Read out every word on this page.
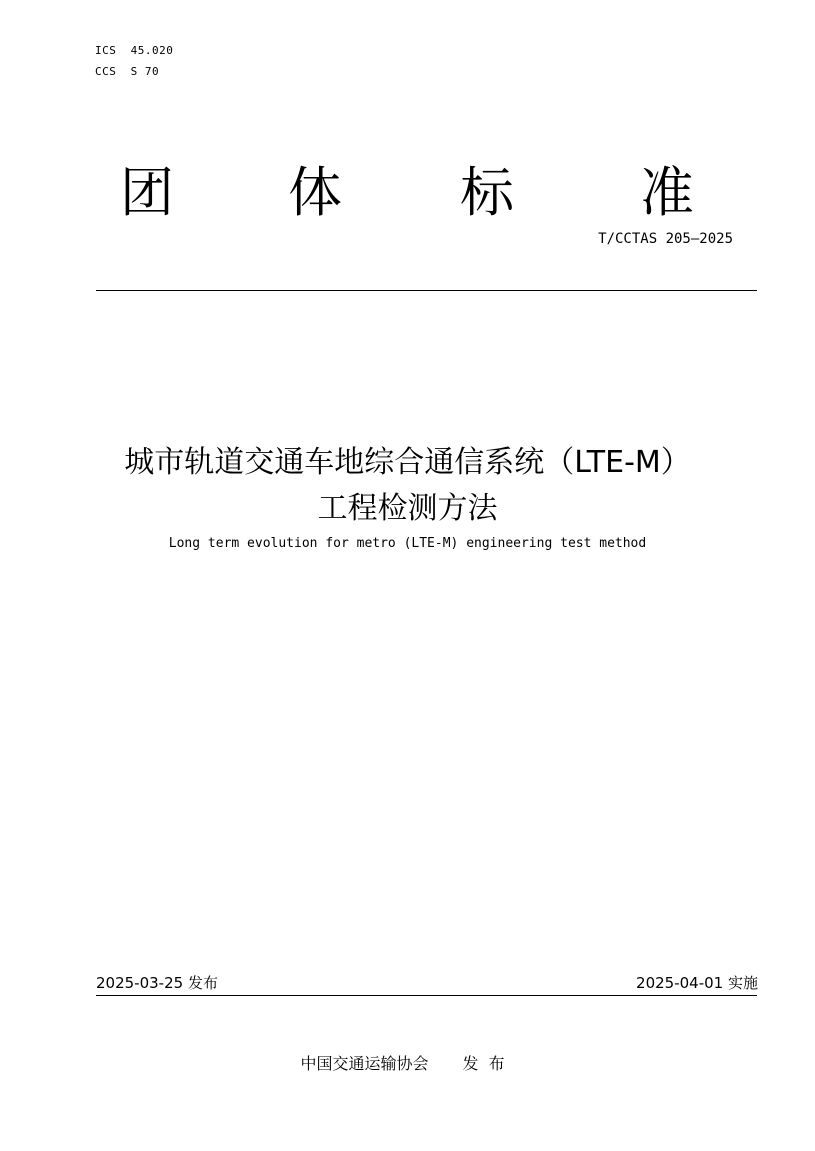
ICS  45.020
CCS  S 70
团 体 标 准
T/CCTAS 205—2025
城市轨道交通车地综合通信系统（LTE-M）
工程检测方法
Long term evolution for metro (LTE-M) engineering test method
2025-03-25 发布	2025-04-01 实施
中国交通运输协会 发布
